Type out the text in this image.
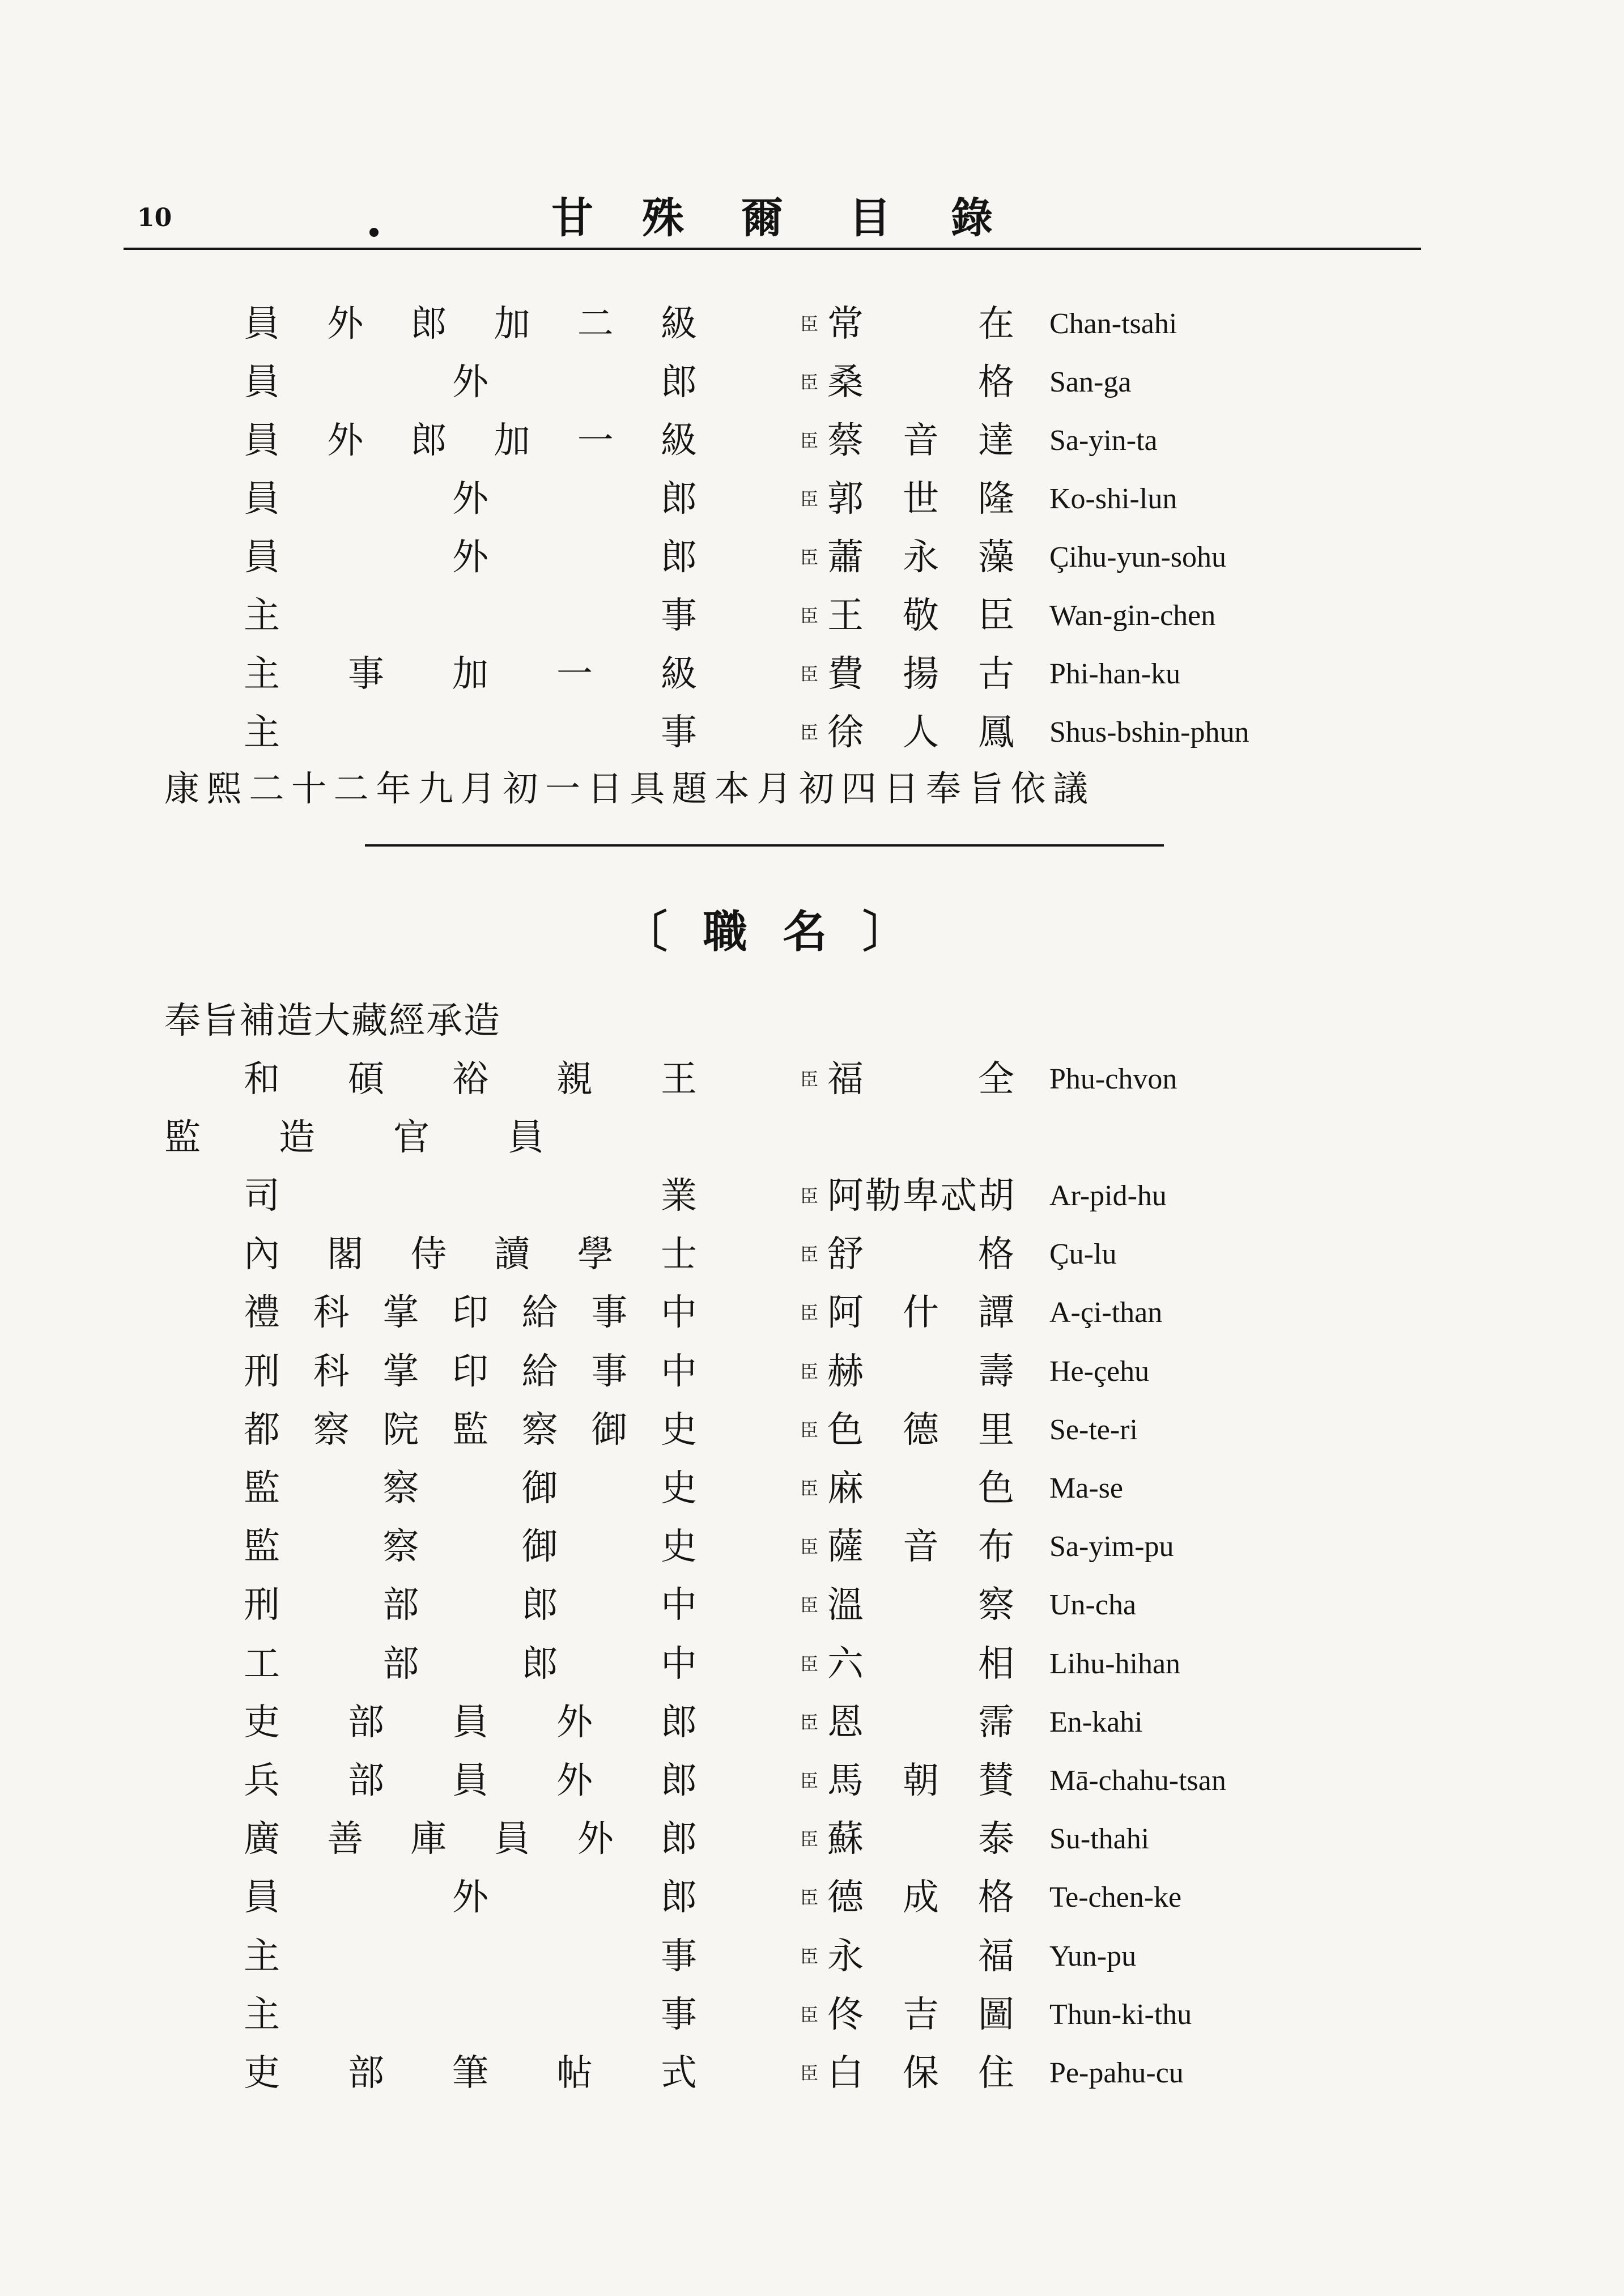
10	甘 殊 爾 目 錄
員外郎加二級	臣 常 在 Chan-tsahi
員外郎	臣 桑 格 San-ga
員外郎加一級	臣 蔡音達 Sa-yin-ta
員外郎	臣 郭世隆 Ko-shi-lun
員外郎	臣 蕭永藻 Çihu-yun-sohu
主事	臣 王敬臣 Wan-gin-chen
主事加一級	臣 費揚古 Phi-han-ku
主事	臣 徐人鳳 Shus-bshin-phun
康熙二十二年九月初一日具題本月初四日奉旨依議
〔職名〕
奉旨補造大藏經承造
和碩裕親王	臣 福 全 Phu-chvon
監造官員
司業	臣 阿勒卑忒胡 Ar-pid-hu
內閣侍讀學士	臣 舒 格 Çu-lu
禮科掌印給事中	臣 阿什譚 A-çi-than
刑科掌印給事中	臣 赫 壽 He-çehu
都察院監察御史	臣 色德里 Se-te-ri
監察御史	臣 麻 色 Ma-se
監察御史	臣 薩音布 Sa-yim-pu
刑部郎中	臣 溫 察 Un-cha
工部郎中	臣 六 相 Lihu-hihan
吏部員外郎	臣 恩 霈 En-kahi
兵部員外郎	臣 馬朝賛 Mā-chahu-tsan
廣善庫員外郎	臣 蘇 泰 Su-thahi
員外郎	臣 德成格 Te-chen-ke
主事	臣 永 福 Yun-pu
主事	臣 佟吉圖 Thun-ki-thu
吏部筆帖式	臣 白保住 Pe-pahu-cu
